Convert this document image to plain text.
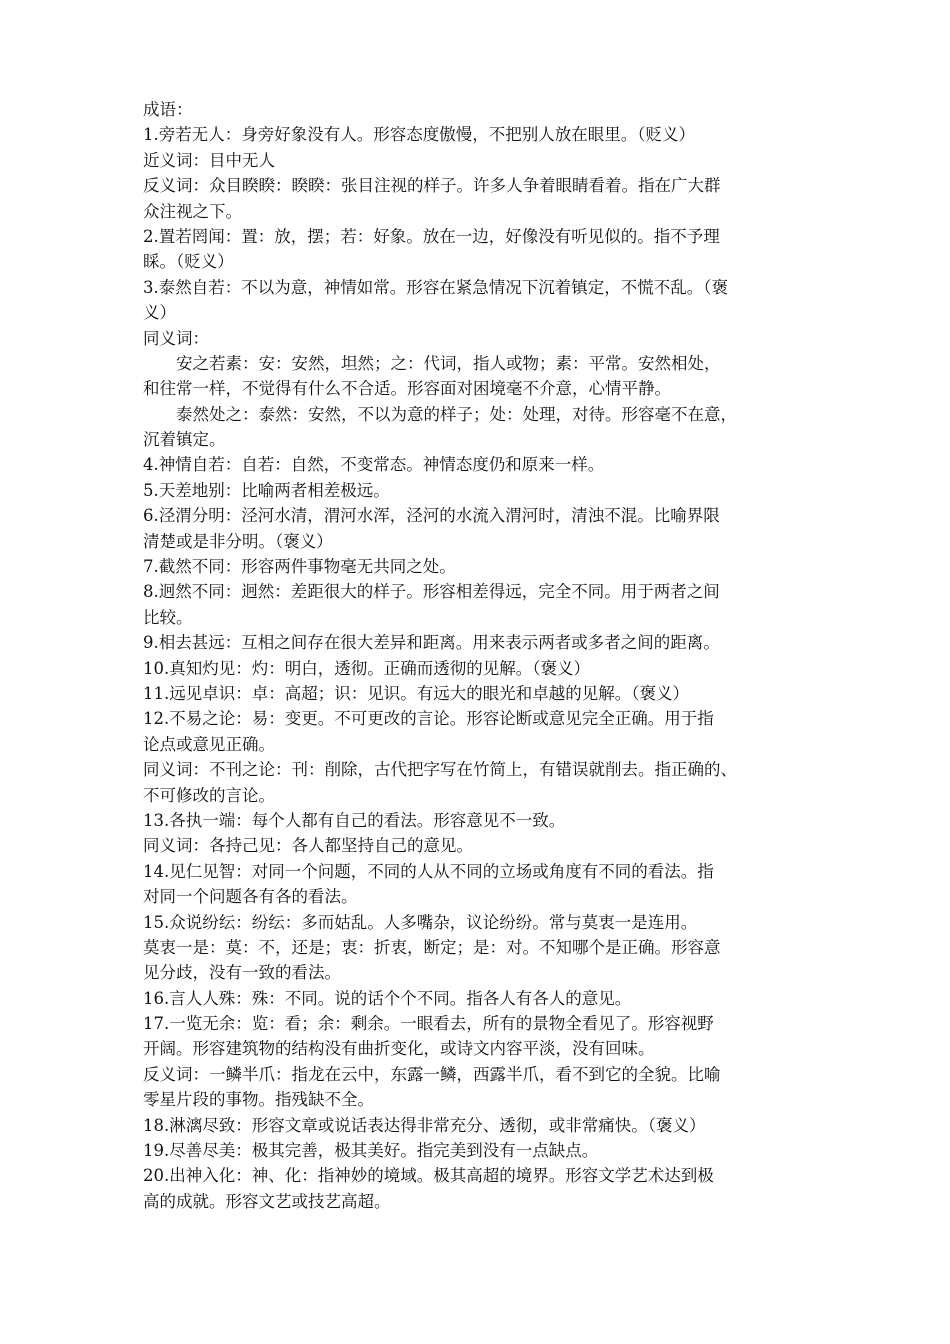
成语：
1.旁若无人：身旁好象没有人。形容态度傲慢，不把别人放在眼里。（贬义）
近义词：目中无人
反义词：众目睽睽：睽睽：张目注视的样子。许多人争着眼睛看着。指在广大群
众注视之下。
2.置若罔闻：置：放，摆；若：好象。放在一边，好像没有听见似的。指不予理
睬。（贬义）
3.泰然自若：不以为意，神情如常。形容在紧急情况下沉着镇定，不慌不乱。（褒
义）
同义词：
安之若素：安：安然，坦然；之：代词，指人或物；素：平常。安然相处，
和往常一样，不觉得有什么不合适。形容面对困境毫不介意，心情平静。
泰然处之：泰然：安然，不以为意的样子；处：处理，对待。形容毫不在意，
沉着镇定。
4.神情自若：自若：自然，不变常态。神情态度仍和原来一样。
5.天差地别：比喻两者相差极远。
6.泾渭分明：泾河水清，渭河水浑，泾河的水流入渭河时，清浊不混。比喻界限
清楚或是非分明。（褒义）
7.截然不同：形容两件事物毫无共同之处。
8.迥然不同：迥然：差距很大的样子。形容相差得远，完全不同。用于两者之间
比较。
9.相去甚远：互相之间存在很大差异和距离。用来表示两者或多者之间的距离。
10.真知灼见：灼：明白，透彻。正确而透彻的见解。（褒义）
11.远见卓识：卓：高超；识：见识。有远大的眼光和卓越的见解。（褒义）
12.不易之论：易：变更。不可更改的言论。形容论断或意见完全正确。用于指
论点或意见正确。
同义词：不刊之论：刊：削除，古代把字写在竹简上，有错误就削去。指正确的、
不可修改的言论。
13.各执一端：每个人都有自己的看法。形容意见不一致。
同义词：各持己见：各人都坚持自己的意见。
14.见仁见智：对同一个问题，不同的人从不同的立场或角度有不同的看法。指
对同一个问题各有各的看法。
15.众说纷纭：纷纭：多而姑乱。人多嘴杂，议论纷纷。常与莫衷一是连用。
莫衷一是：莫：不，还是；衷：折衷，断定；是：对。不知哪个是正确。形容意
见分歧，没有一致的看法。
16.言人人殊：殊：不同。说的话个个不同。指各人有各人的意见。
17.一览无余：览：看；余：剩余。一眼看去，所有的景物全看见了。形容视野
开阔。形容建筑物的结构没有曲折变化，或诗文内容平淡，没有回味。
反义词：一鳞半爪：指龙在云中，东露一鳞，西露半爪，看不到它的全貌。比喻
零星片段的事物。指残缺不全。
18.淋漓尽致：形容文章或说话表达得非常充分、透彻，或非常痛快。（褒义）
19.尽善尽美：极其完善，极其美好。指完美到没有一点缺点。
20.出神入化：神、化：指神妙的境域。极其高超的境界。形容文学艺术达到极
高的成就。形容文艺或技艺高超。
